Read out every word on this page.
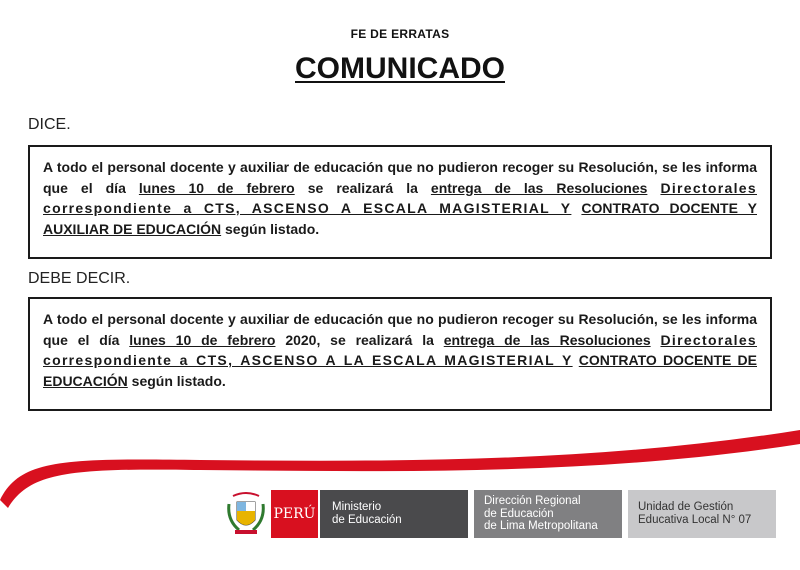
FE DE ERRATAS
COMUNICADO
DICE.
A todo el personal docente y auxiliar de educación que no pudieron recoger su Resolución, se les informa que el día lunes 10 de febrero se realizará la entrega de las Resoluciones Directorales correspondiente a CTS, ASCENSO A ESCALA MAGISTERIAL Y CONTRATO DOCENTE Y AUXILIAR DE EDUCACIÓN según listado.
DEBE DECIR.
A todo el personal docente y auxiliar de educación que no pudieron recoger su Resolución, se les informa que el día lunes 10 de febrero 2020, se realizará la entrega de las Resoluciones Directorales correspondiente a CTS, ASCENSO A LA ESCALA MAGISTERIAL Y CONTRATO DOCENTE DE EDUCACIÓN según listado.
PERÚ Ministerio
de Educación
Dirección Regional
de Educación
de Lima Metropolitana
Unidad de Gestión
Educativa Local N° 07
